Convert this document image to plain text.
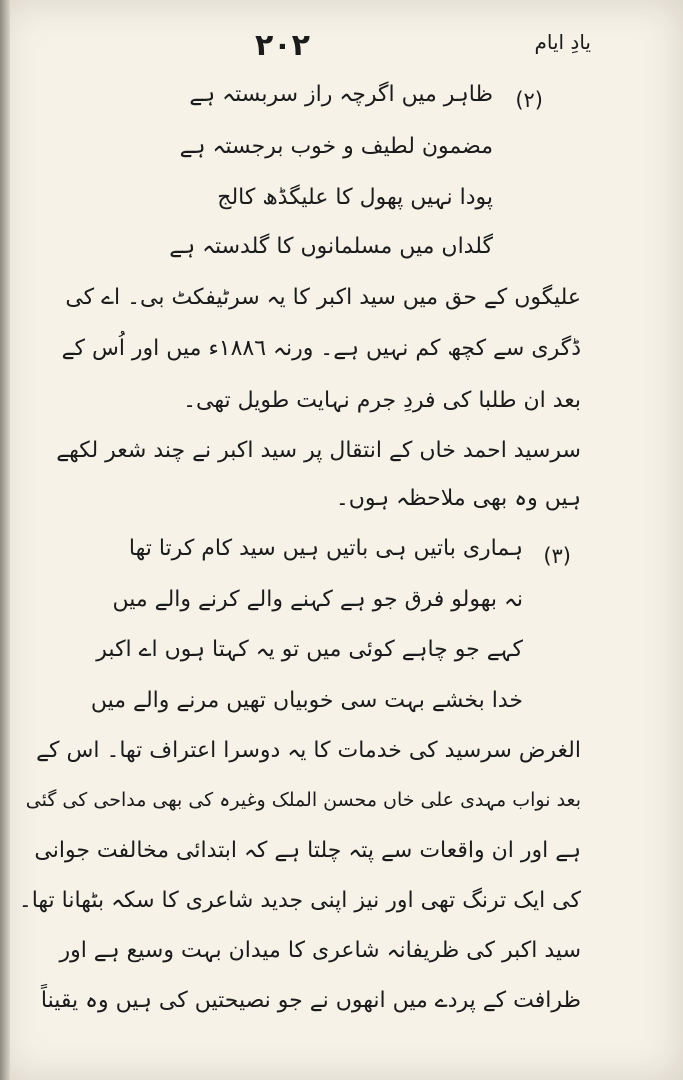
٢٠٢	یادِ ایام
(٢)
ظاہر میں اگرچہ راز سربستہ ہے
مضمون لطیف و خوب برجستہ ہے
پودا نہیں پھول کا علیگڈھ کالج
گلداں میں مسلمانوں کا گلدستہ ہے
علیگوں کے حق میں سید اکبر کا یہ سرٹیفکٹ بی۔ اے کی
ڈگری سے کچھ کم نہیں ہے۔ ورنہ ١٨٨٦ء میں اور اُس کے
بعد ان طلبا کی فردِ جرم نہایت طویل تھی۔
سرسید احمد خاں کے انتقال پر سید اکبر نے چند شعر لکھے
ہیں وہ بھی ملاحظہ ہوں۔
(٣)
ہماری باتیں ہی باتیں ہیں سید کام کرتا تھا
نہ بھولو فرق جو ہے کہنے والے کرنے والے میں
کہے جو چاہے کوئی میں تو یہ کہتا ہوں اے اکبر
خدا بخشے بہت سی خوبیاں تھیں مرنے والے میں
الغرض سرسید کی خدمات کا یہ دوسرا اعتراف تھا۔ اس کے
بعد نواب مہدی علی خاں محسن الملک وغیرہ کی بھی مداحی کی گئی
ہے اور ان واقعات سے پتہ چلتا ہے کہ ابتدائی مخالفت جوانی
کی ایک ترنگ تھی اور نیز اپنی جدید شاعری کا سکہ بٹھانا تھا۔
سید اکبر کی ظریفانہ شاعری کا میدان بہت وسیع ہے اور
ظرافت کے پردے میں انھوں نے جو نصیحتیں کی ہیں وہ یقیناً
